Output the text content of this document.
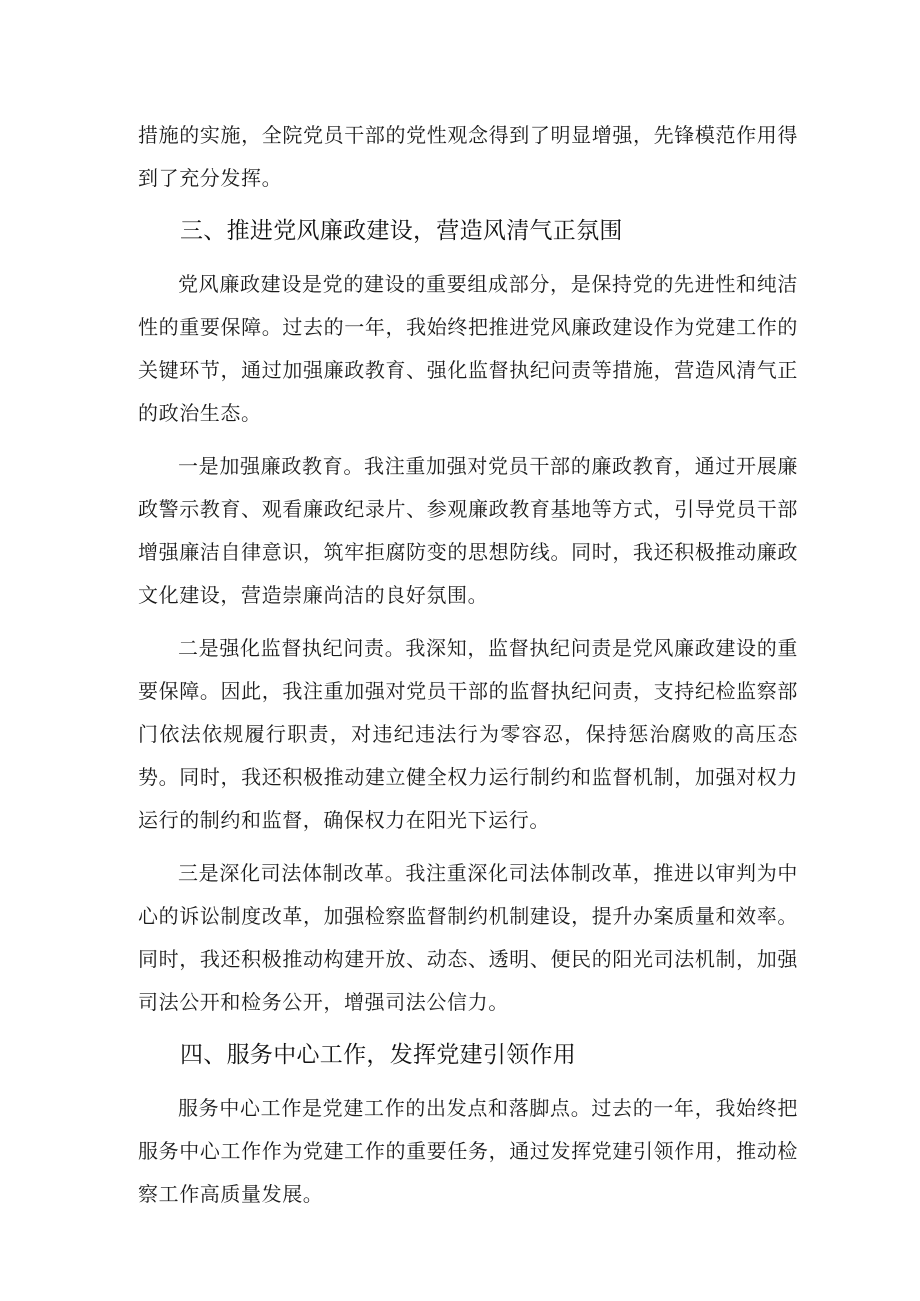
措施的实施，全院党员干部的党性观念得到了明显增强，先锋模范作用得到了充分发挥。

三、推进党风廉政建设，营造风清气正氛围

党风廉政建设是党的建设的重要组成部分，是保持党的先进性和纯洁性的重要保障。过去的一年，我始终把推进党风廉政建设作为党建工作的关键环节，通过加强廉政教育、强化监督执纪问责等措施，营造风清气正的政治生态。

一是加强廉政教育。我注重加强对党员干部的廉政教育，通过开展廉政警示教育、观看廉政纪录片、参观廉政教育基地等方式，引导党员干部增强廉洁自律意识，筑牢拒腐防变的思想防线。同时，我还积极推动廉政文化建设，营造崇廉尚洁的良好氛围。

二是强化监督执纪问责。我深知，监督执纪问责是党风廉政建设的重要保障。因此，我注重加强对党员干部的监督执纪问责，支持纪检监察部门依法依规履行职责，对违纪违法行为零容忍，保持惩治腐败的高压态势。同时，我还积极推动建立健全权力运行制约和监督机制，加强对权力运行的制约和监督，确保权力在阳光下运行。

三是深化司法体制改革。我注重深化司法体制改革，推进以审判为中心的诉讼制度改革，加强检察监督制约机制建设，提升办案质量和效率。同时，我还积极推动构建开放、动态、透明、便民的阳光司法机制，加强司法公开和检务公开，增强司法公信力。

四、服务中心工作，发挥党建引领作用

服务中心工作是党建工作的出发点和落脚点。过去的一年，我始终把服务中心工作作为党建工作的重要任务，通过发挥党建引领作用，推动检察工作高质量发展。
